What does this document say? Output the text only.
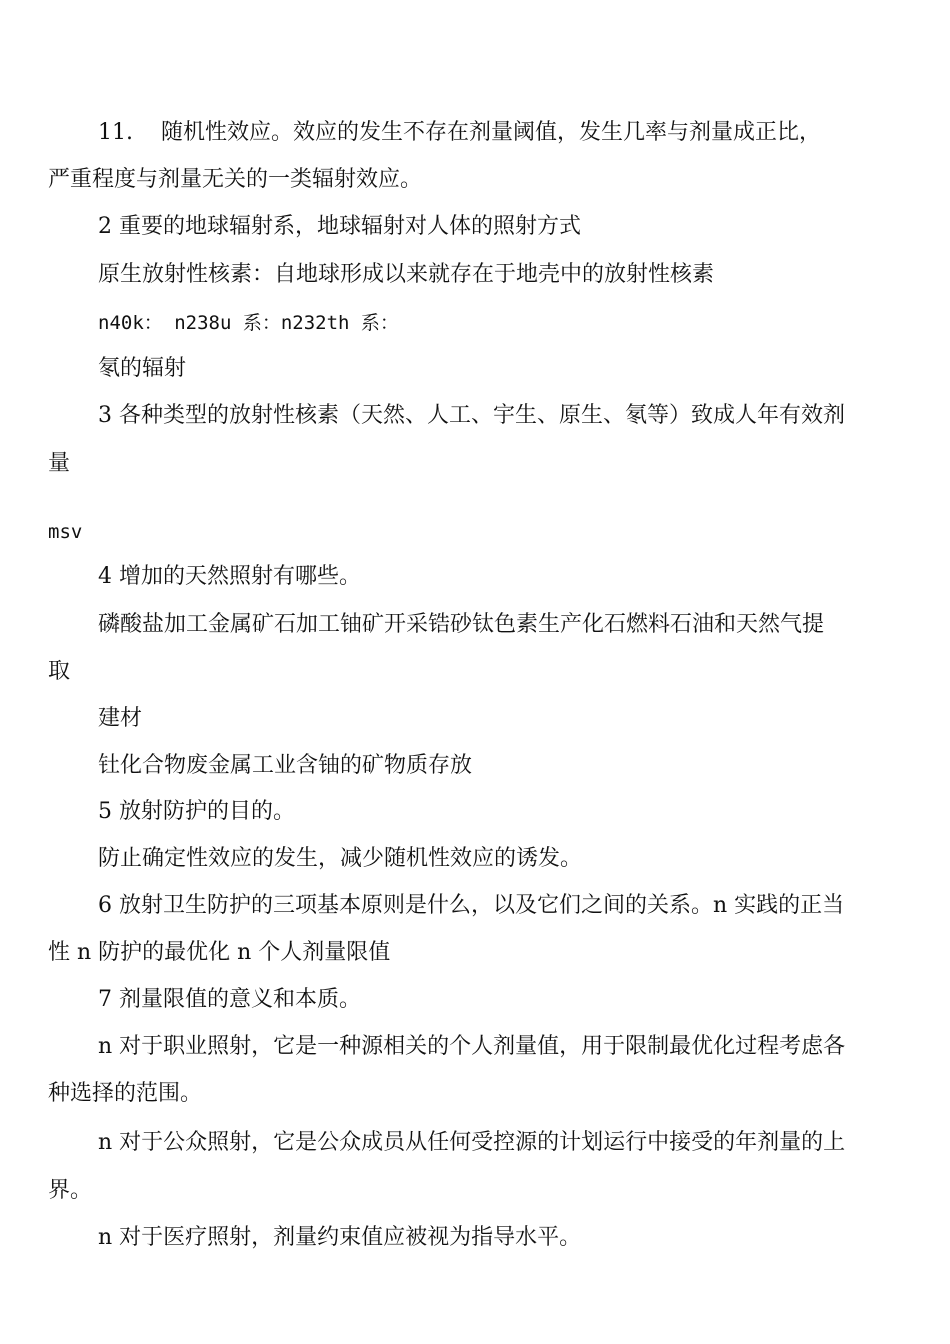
11. 随机性效应。效应的发生不存在剂量阈值，发生几率与剂量成正比，
严重程度与剂量无关的一类辐射效应。
2 重要的地球辐射系，地球辐射对人体的照射方式
原生放射性核素：自地球形成以来就存在于地壳中的放射性核素
n40k： n238u 系：n232th 系：
氡的辐射
3 各种类型的放射性核素（天然、人工、宇生、原生、氡等）致成人年有效剂
量
msv
4 增加的天然照射有哪些。
磷酸盐加工金属矿石加工铀矿开采锆砂钛色素生产化石燃料石油和天然气提
取
建材
钍化合物废金属工业含铀的矿物质存放
5 放射防护的目的。
防止确定性效应的发生，减少随机性效应的诱发。
6 放射卫生防护的三项基本原则是什么，以及它们之间的关系。n 实践的正当
性 n 防护的最优化 n 个人剂量限值
7 剂量限值的意义和本质。
n 对于职业照射，它是一种源相关的个人剂量值，用于限制最优化过程考虑各
种选择的范围。
n 对于公众照射，它是公众成员从任何受控源的计划运行中接受的年剂量的上
界。
n 对于医疗照射，剂量约束值应被视为指导水平。
